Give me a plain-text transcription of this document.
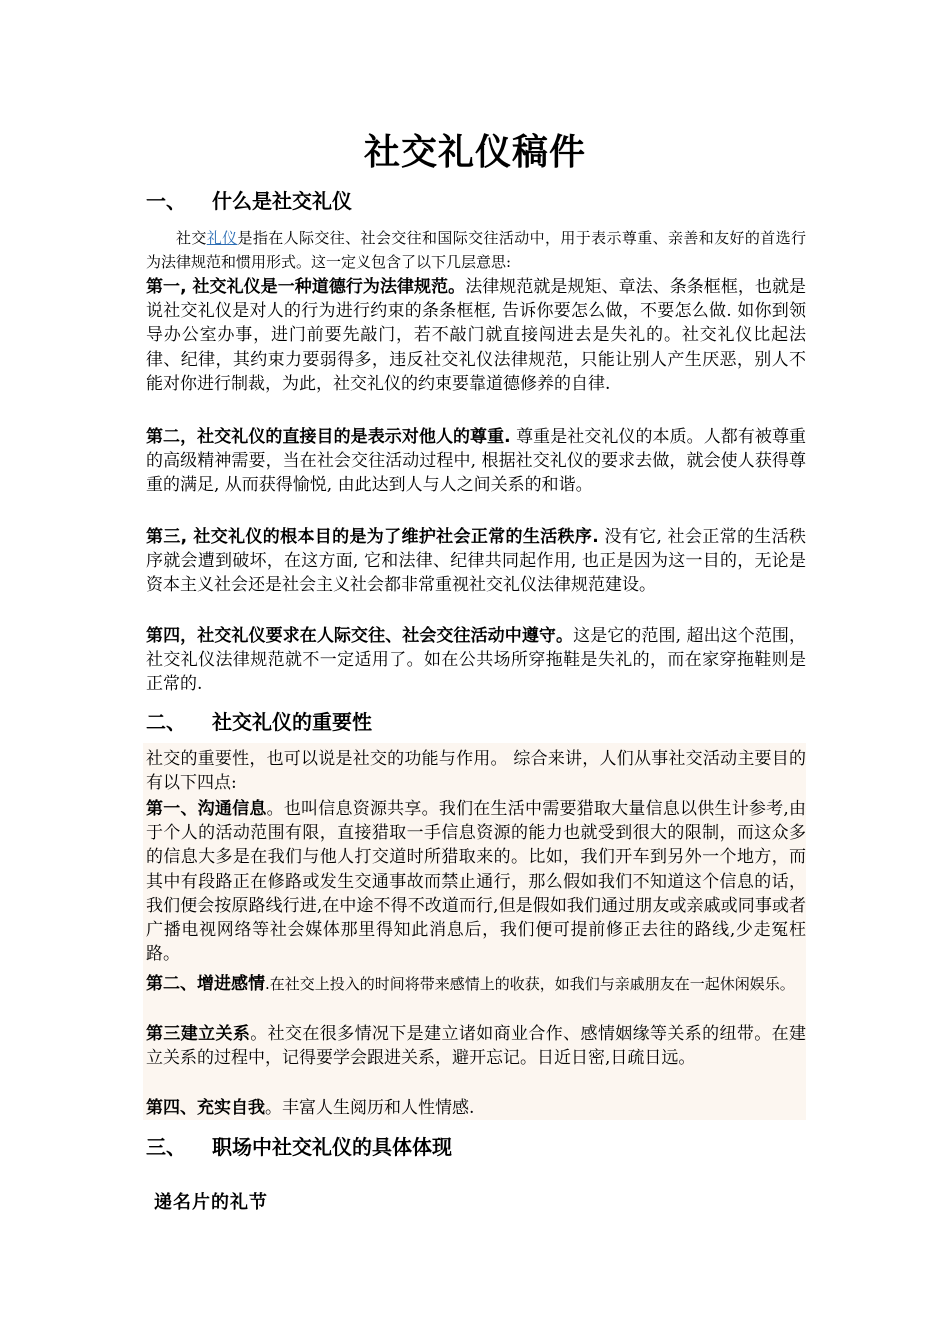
社交礼仪稿件
一、 什么是社交礼仪
社交礼仪是指在人际交往、社会交往和国际交往活动中，用于表示尊重、亲善和友好的首选行为法律规范和惯用形式。这一定义包含了以下几层意思:
第一, 社交礼仪是一种道德行为法律规范。法律规范就是规矩、章法、条条框框，也就是说社交礼仪是对人的行为进行约束的条条框框, 告诉你要怎么做，不要怎么做. 如你到领导办公室办事，进门前要先敲门，若不敲门就直接闯进去是失礼的。社交礼仪比起法律、纪律，其约束力要弱得多，违反社交礼仪法律规范，只能让别人产生厌恶，别人不能对你进行制裁，为此，社交礼仪的约束要靠道德修养的自律.
第二，社交礼仪的直接目的是表示对他人的尊重. 尊重是社交礼仪的本质。人都有被尊重的高级精神需要，当在社会交往活动过程中, 根据社交礼仪的要求去做，就会使人获得尊重的满足, 从而获得愉悦, 由此达到人与人之间关系的和谐。
第三, 社交礼仪的根本目的是为了维护社会正常的生活秩序. 没有它, 社会正常的生活秩序就会遭到破坏，在这方面, 它和法律、纪律共同起作用, 也正是因为这一目的，无论是资本主义社会还是社会主义社会都非常重视社交礼仪法律规范建设。
第四，社交礼仪要求在人际交往、社会交往活动中遵守。这是它的范围, 超出这个范围，社交礼仪法律规范就不一定适用了。如在公共场所穿拖鞋是失礼的，而在家穿拖鞋则是正常的.
二、 社交礼仪的重要性
社交的重要性，也可以说是社交的功能与作用。 综合来讲，人们从事社交活动主要目的有以下四点:
第一、沟通信息。也叫信息资源共享。我们在生活中需要猎取大量信息以供生计参考,由于个人的活动范围有限，直接猎取一手信息资源的能力也就受到很大的限制，而这众多的信息大多是在我们与他人打交道时所猎取来的。比如，我们开车到另外一个地方，而其中有段路正在修路或发生交通事故而禁止通行，那么假如我们不知道这个信息的话，我们便会按原路线行进,在中途不得不改道而行,但是假如我们通过朋友或亲戚或同事或者广播电视网络等社会媒体那里得知此消息后，我们便可提前修正去往的路线,少走冤枉路。
第二、增进感情.在社交上投入的时间将带来感情上的收获，如我们与亲戚朋友在一起休闲娱乐。
第三建立关系。社交在很多情况下是建立诸如商业合作、感情姻缘等关系的纽带。在建立关系的过程中，记得要学会跟进关系，避开忘记。日近日密,日疏日远。
第四、充实自我。丰富人生阅历和人性情感.
三、 职场中社交礼仪的具体体现
递名片的礼节
